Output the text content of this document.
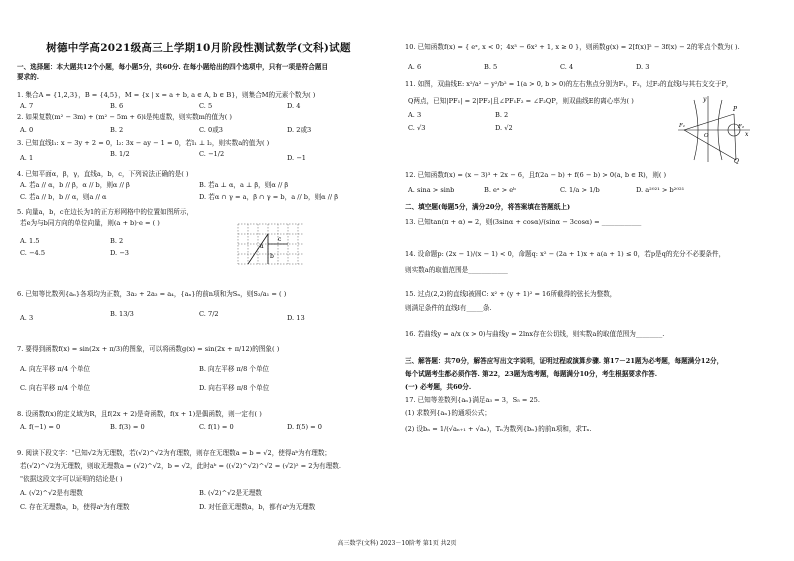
树德中学高2021级高三上学期10月阶段性测试数学(文科)试题
一、选择题：本大题共12个小题，每小题5分，共60分. 在每小题给出的四个选项中，只有一项是符合题目
要求的.
1. 集合A = {1,2,3}，B = {4,5}，M = {x | x = a + b, a ∈ A, b ∈ B}，则集合M的元素个数为( )
A. 7	B. 6	C. 5	D. 4
2. 如果复数(m² − 3m) + (m² − 5m + 6)i是纯虚数，则实数m的值为( )
A. 0	B. 2	C. 0或3	D. 2或3
3. 已知直线l₁: x − 3y + 2 = 0，l₂: 3x − ay − 1 = 0，若l₁ ⊥ l₂，则实数a的值为( )
A. 1	B. 1/2	C. −1/2	D. −1
4. 已知平面α，β，γ，直线a，b，c，下列说法正确的是( )
A. 若a // α，b // β，α // b，则α // β	B. 若a ⊥ α，a ⊥ β，则α // β
C. 若a // b，b // α，则a // α	D. 若α ∩ γ = a，β ∩ γ = b，a // b，则α // β
5. 向量a，b，c在边长为1的正方形网格中的位置如图所示，
若e为与b同方向的单位向量，则(a + b)·e = ( )
A. 1.5	B. 2
C. −4.5	D. −3
6. 已知等比数列{aₙ}各项均为正数，3a₂ + 2a₃ = a₄，{aₙ}的前n项和为Sₙ，则S₃/a₁ = ( )
A. 3	B. 13/3	C. 7/2	D. 13
7. 要得到函数f(x) = sin(2x + π/3)的图象，可以将函数g(x) = sin(2x + π/12)的图象( )
A. 向左平移 π/4 个单位	B. 向左平移 π/8 个单位
C. 向右平移 π/4 个单位	D. 向右平移 π/8 个单位
8. 设函数f(x)的定义域为R，且f(2x + 2)是奇函数，f(x + 1)是偶函数，则一定有( )
A. f(−1) = 0	B. f(3) = 0	C. f(1) = 0	D. f(5) = 0
9. 阅读下段文字："已知√2为无理数，若(√2)^√2为有理数，则存在无理数a = b = √2，使得aᵇ为有理数；
若(√2)^√2为无理数，则取无理数a = (√2)^√2，b = √2，此时aᵇ = ((√2)^√2)^√2 = (√2)² = 2为有理数.
"依据这段文字可以证明的结论是( )
A. (√2)^√2是有理数	B. (√2)^√2是无理数
C. 存在无理数a，b，使得aᵇ为有理数	D. 对任意无理数a，b，都有aᵇ为无理数
10. 已知函数f(x) = { eˣ, x < 0；4x³ − 6x² + 1, x ≥ 0 }，则函数g(x) = 2[f(x)]² − 3f(x) − 2的零点个数为( ).
A. 6	B. 5	C. 4	D. 3
11. 如图，双曲线E: x²/a² − y²/b² = 1(a > 0, b > 0)的左右焦点分别为F₁，F₂，过F₂的直线l与其右支交于P，
Q两点，已知|PF₁| = 2|PF₂|且∠PF₁F₂ = ∠F₂QP，则双曲线E的离心率为( )
A. 3	B. 2
C. √3	D. √2
12. 已知函数f(x) = (x − 3)³ + 2x − 6，且f(2a − b) + f(6 − b) > 0(a, b ∈ R)，则( )
A. sina > sinb	B. eᵃ > eᵇ	C. 1/a > 1/b	D. a²⁰²¹ > b²⁰²¹
二、填空题(每题5分，满分20分，将答案填在答题纸上)
13. 已知tan(π + α) = 2，则(3sinα + cosα)/(sinα − 3cosα) = ____________
14. 设命题p: (2x − 1)/(x − 1) < 0，命题q: x² − (2a + 1)x + a(a + 1) ≤ 0，若p是q的充分不必要条件，
则实数a的取值范围是____________
15. 过点(2,2)的直线l被圆C: x² + (y + 1)² = 16所截得的弦长为整数，
则满足条件的直线l有_____条.
16. 若曲线y = a/x (x > 0)与曲线y = 2lnx存在公切线，则实数a的取值范围为________.
三、解答题：共70分，解答应写出文字说明，证明过程或演算步骤. 第17－21题为必考题，每题满分12分，
每个试题考生都必须作答. 第22，23题为选考题，每题满分10分，考生根据要求作答.
(一) 必考题，共60分.
17. 已知等差数列{aₙ}满足a₃ = 3，S₅ = 25.
(1) 求数列{aₙ}的通项公式；
(2) 设bₙ = 1/(√aₙ₊₁ + √aₙ)，Tₙ为数列{bₙ}的前n项和，求Tₙ.
a
b
c
y
x
P
Q
F₁	F₂
O
高三数学(文科) 2023－10阶考 第1页 共2页
